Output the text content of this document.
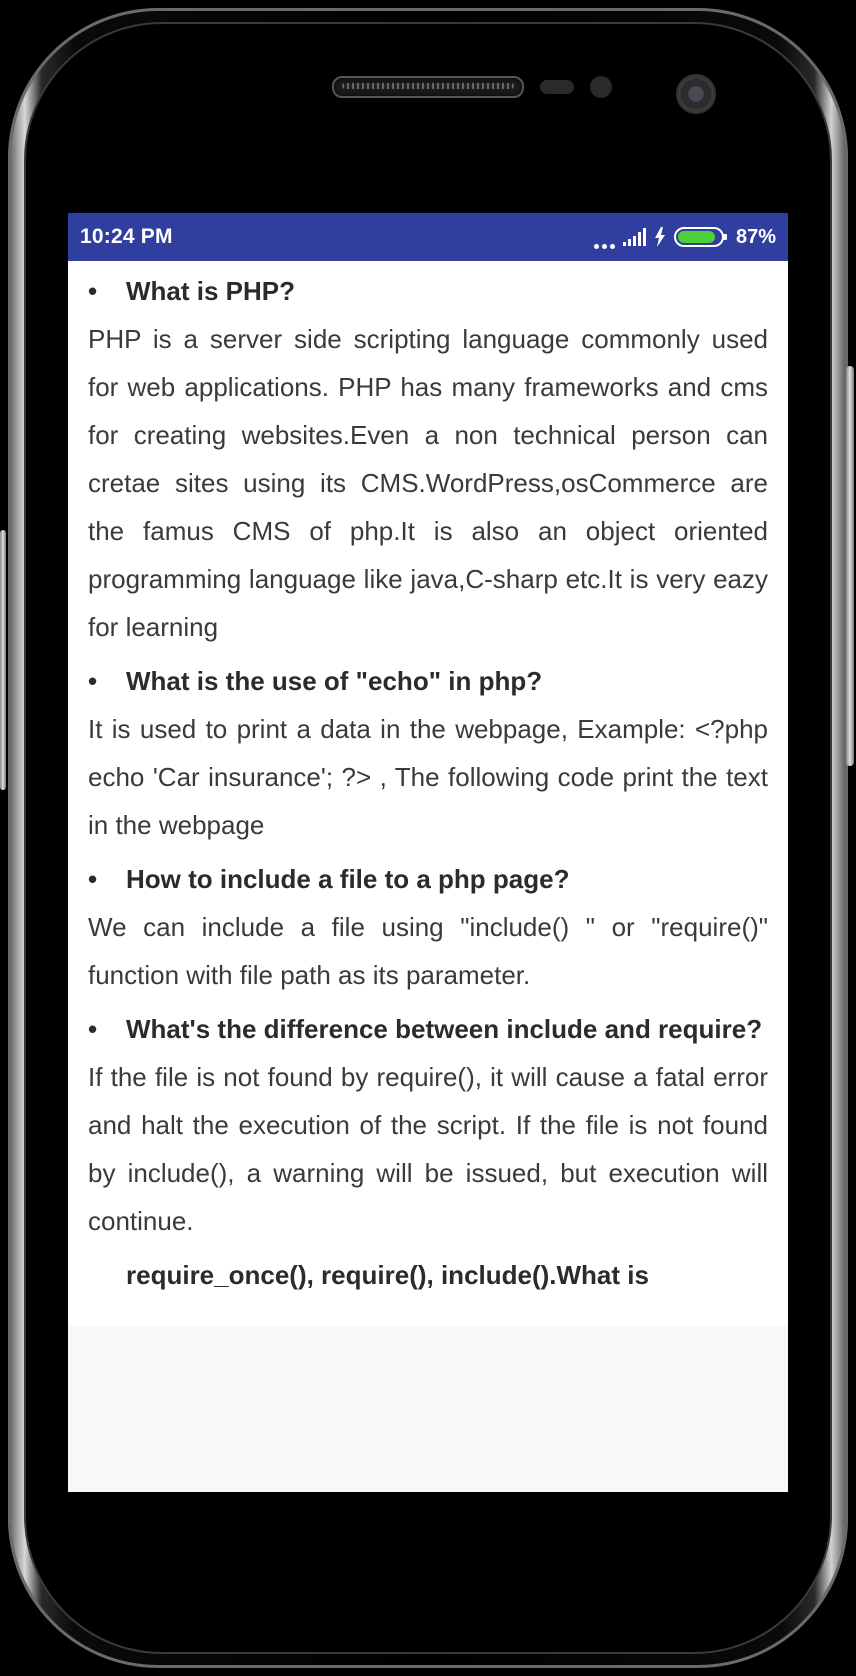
10:24 PM	87%
•	What is PHP?

PHP is a server side scripting language commonly used for web applications. PHP has many frameworks and cms for creating websites.Even a non technical person can cretae sites using its CMS.WordPress,osCommerce are the famus CMS of php.It is also an object oriented programming language like java,C-sharp etc.It is very eazy for learning

•	What is the use of "echo" in php?

It is used to print a data in the webpage, Example: <?php echo 'Car insurance'; ?> , The following code print the text in the webpage

•	How to include a file to a php page?

We can include a file using "include() " or "require()" function with file path as its parameter.

• What's the difference between include and require?

If the file is not found by require(), it will cause a fatal error and halt the execution of the script. If the file is not found by include(), a warning will be issued, but execution will continue.

require_once(), require(), include().What is
